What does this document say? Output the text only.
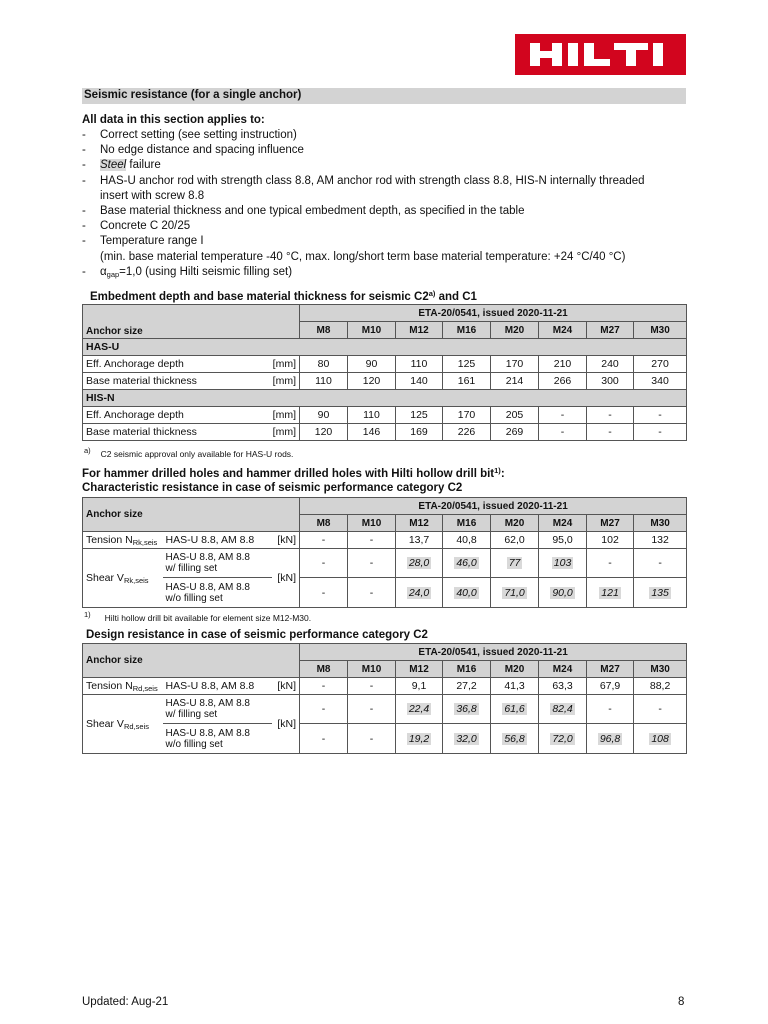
Seismic resistance (for a single anchor)
All data in this section applies to:
- Correct setting (see setting instruction)
- No edge distance and spacing influence
- Steel failure
- HAS-U anchor rod with strength class 8.8, AM anchor rod with strength class 8.8, HIS-N internally threaded
insert with screw 8.8
- Base material thickness and one typical embedment depth, as specified in the table
- Concrete C 20/25
- Temperature range I
(min. base material temperature -40 °C, max. long/short term base material temperature: +24 °C/40 °C)
- $\alpha_{gap}=1,0$ (using Hilti seismic filling set)
Embedment depth and base material thickness for seismic C2$^{a)}$ and C1
Anchor size		ETA-20/0541, issued 2020-11-21							
		M8	M10	M12	M16	M20	M24	M27	M30
HAS-U									
Eff. Anchorage depth	[mm]	80	90	110	125	170	210	240	270
Base material thickness	[mm]	110	120	140	161	214	266	300	340
HIS-N									
Eff. Anchorage depth	[mm]	90	110	125	170	205	-	-	-
Base material thickness	[mm]	120	146	169	226	269	-	-	-
a) C2 seismic approval only available for HAS-U rods.
For hammer drilled holes and hammer drilled holes with Hilti hollow drill bit$^{1)}$:
Characteristic resistance in case of seismic performance category C2
Anchor size			ETA-20/0541, issued 2020-11-21							
			M8	M10	M12	M16	M20	M24	M27	M30
Tension $N_{Rk,seis}$	HAS-U 8.8, AM 8.8	[kN]	-	-	13,7	40,8	62,0	95,0	102	132
Shear $V_{Rk,seis}$	HAS-U 8.8, AM 8.8
w/ filling set	[kN]	-	-	28,0	46,0	77	103	-	-
	HAS-U 8.8, AM 8.8
w/o filling set		-	-	24,0	40,0	71,0	90,0	121	135
1) Hilti hollow drill bit available for element size M12-M30.
Design resistance in case of seismic performance category C2
Anchor size			ETA-20/0541, issued 2020-11-21							
			M8	M10	M12	M16	M20	M24	M27	M30
Tension $N_{Rd,seis}$	HAS-U 8.8, AM 8.8	[kN]	-	-	9,1	27,2	41,3	63,3	67,9	88,2
Shear $V_{Rd,seis}$	HAS-U 8.8, AM 8.8
w/ filling set	[kN]	-	-	22,4	36,8	61,6	82,4	-	-
	HAS-U 8.8, AM 8.8
w/o filling set		-	-	19,2	32,0	56,8	72,0	96,8	108
Updated: Aug-21	8
